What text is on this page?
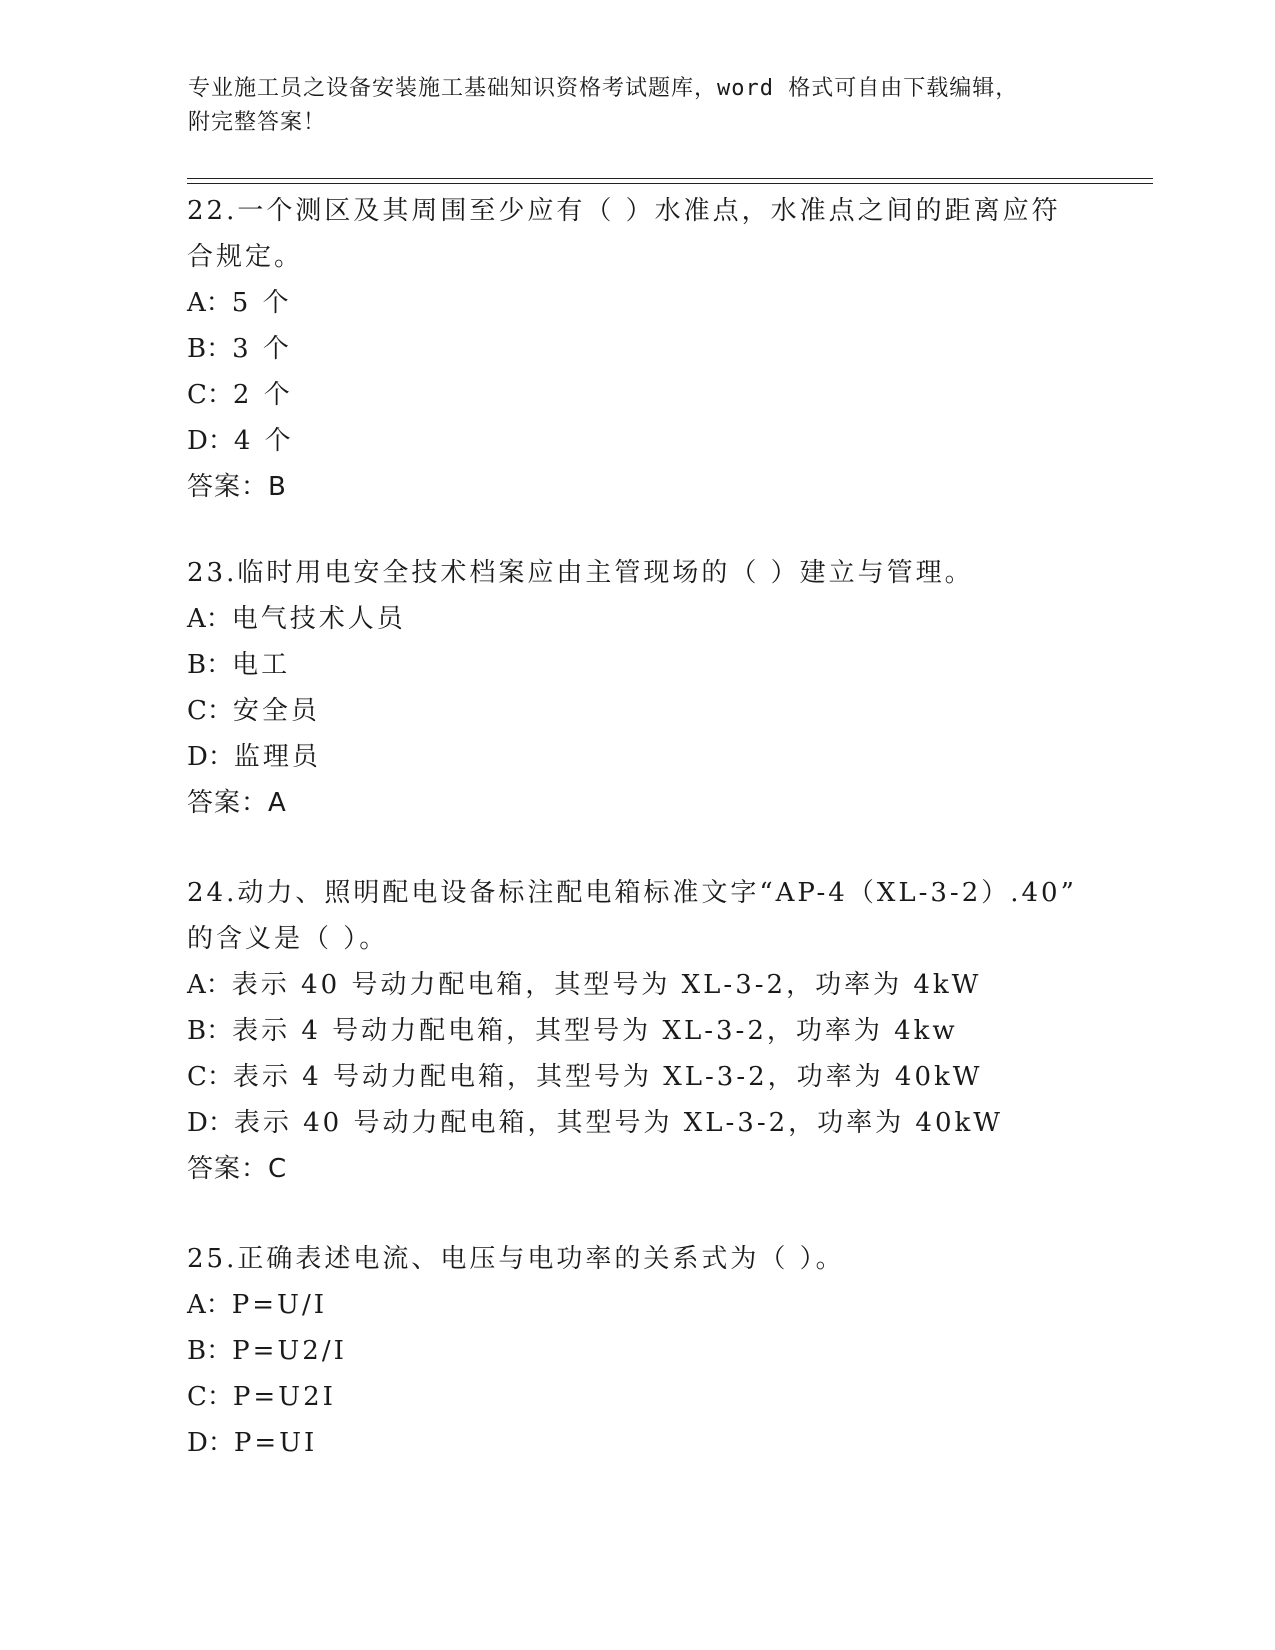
专业施工员之设备安装施工基础知识资格考试题库，word 格式可自由下载编辑，
附完整答案！
22.一个测区及其周围至少应有（ ）水准点，水准点之间的距离应符
合规定。
A：5 个
B：3 个
C：2 个
D：4 个
答案：B
23.临时用电安全技术档案应由主管现场的（ ）建立与管理。
A：电气技术人员
B：电工
C：安全员
D：监理员
答案：A
24.动力、照明配电设备标注配电箱标准文字“AP-4（XL-3-2）.40”
的含义是（ ）。
A：表示 40 号动力配电箱，其型号为 XL-3-2，功率为 4kW
B：表示 4 号动力配电箱，其型号为 XL-3-2，功率为 4kw
C：表示 4 号动力配电箱，其型号为 XL-3-2，功率为 40kW
D：表示 40 号动力配电箱，其型号为 XL-3-2，功率为 40kW
答案：C
25.正确表述电流、电压与电功率的关系式为（ ）。
A：P=U/I
B：P=U2/I
C：P=U2I
D：P=UI
